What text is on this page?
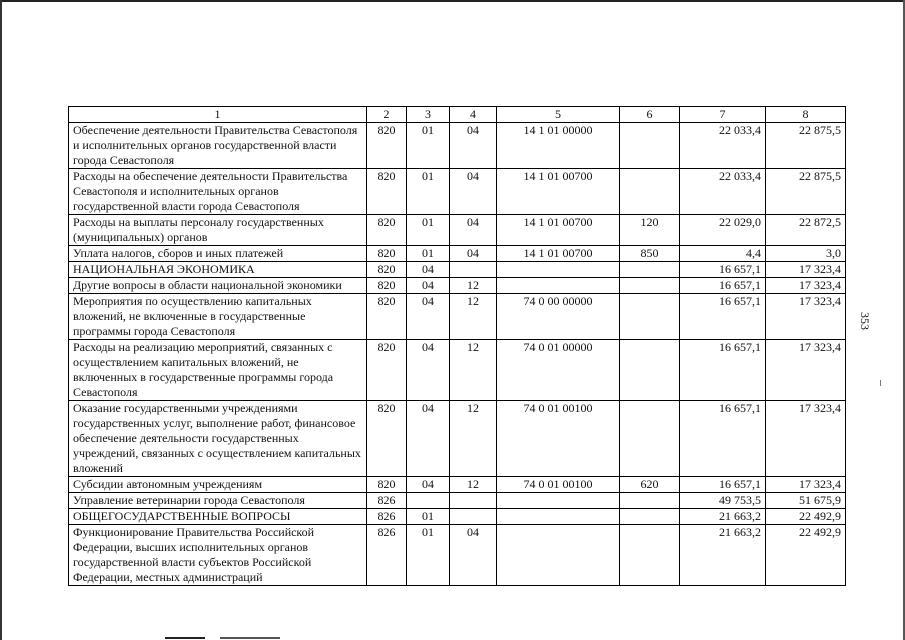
1	2	3	4	5	6	7	8
Обеспечение деятельности Правительства Севастополя и исполнительных органов государственной власти города Севастополя	820	01	04	14 1 01 00000		22 033,4	22 875,5
Расходы на обеспечение деятельности Правительства Севастополя и исполнительных органов государственной власти города Севастополя	820	01	04	14 1 01 00700		22 033,4	22 875,5
Расходы на выплаты персоналу государственных (муниципальных) органов	820	01	04	14 1 01 00700	120	22 029,0	22 872,5
Уплата налогов, сборов и иных платежей	820	01	04	14 1 01 00700	850	4,4	3,0
НАЦИОНАЛЬНАЯ ЭКОНОМИКА	820	04				16 657,1	17 323,4
Другие вопросы в области национальной экономики	820	04	12			16 657,1	17 323,4
Мероприятия по осуществлению капитальных вложений, не включенные в государственные программы города Севастополя	820	04	12	74 0 00 00000		16 657,1	17 323,4
Расходы на реализацию мероприятий, связанных с осуществлением капитальных вложений, не включенных в государственные программы города Севастополя	820	04	12	74 0 01 00000		16 657,1	17 323,4
Оказание государственными учреждениями государственных услуг, выполнение работ, финансовое обеспечение деятельности государственных учреждений, связанных с осуществлением капитальных вложений	820	04	12	74 0 01 00100		16 657,1	17 323,4
Субсидии автономным учреждениям	820	04	12	74 0 01 00100	620	16 657,1	17 323,4
Управление ветеринарии города Севастополя	826					49 753,5	51 675,9
ОБЩЕГОСУДАРСТВЕННЫЕ ВОПРОСЫ	826	01				21 663,2	22 492,9
Функционирование Правительства Российской Федерации, высших исполнительных органов государственной власти субъектов Российской Федерации, местных администраций	826	01	04			21 663,2	22 492,9
353
